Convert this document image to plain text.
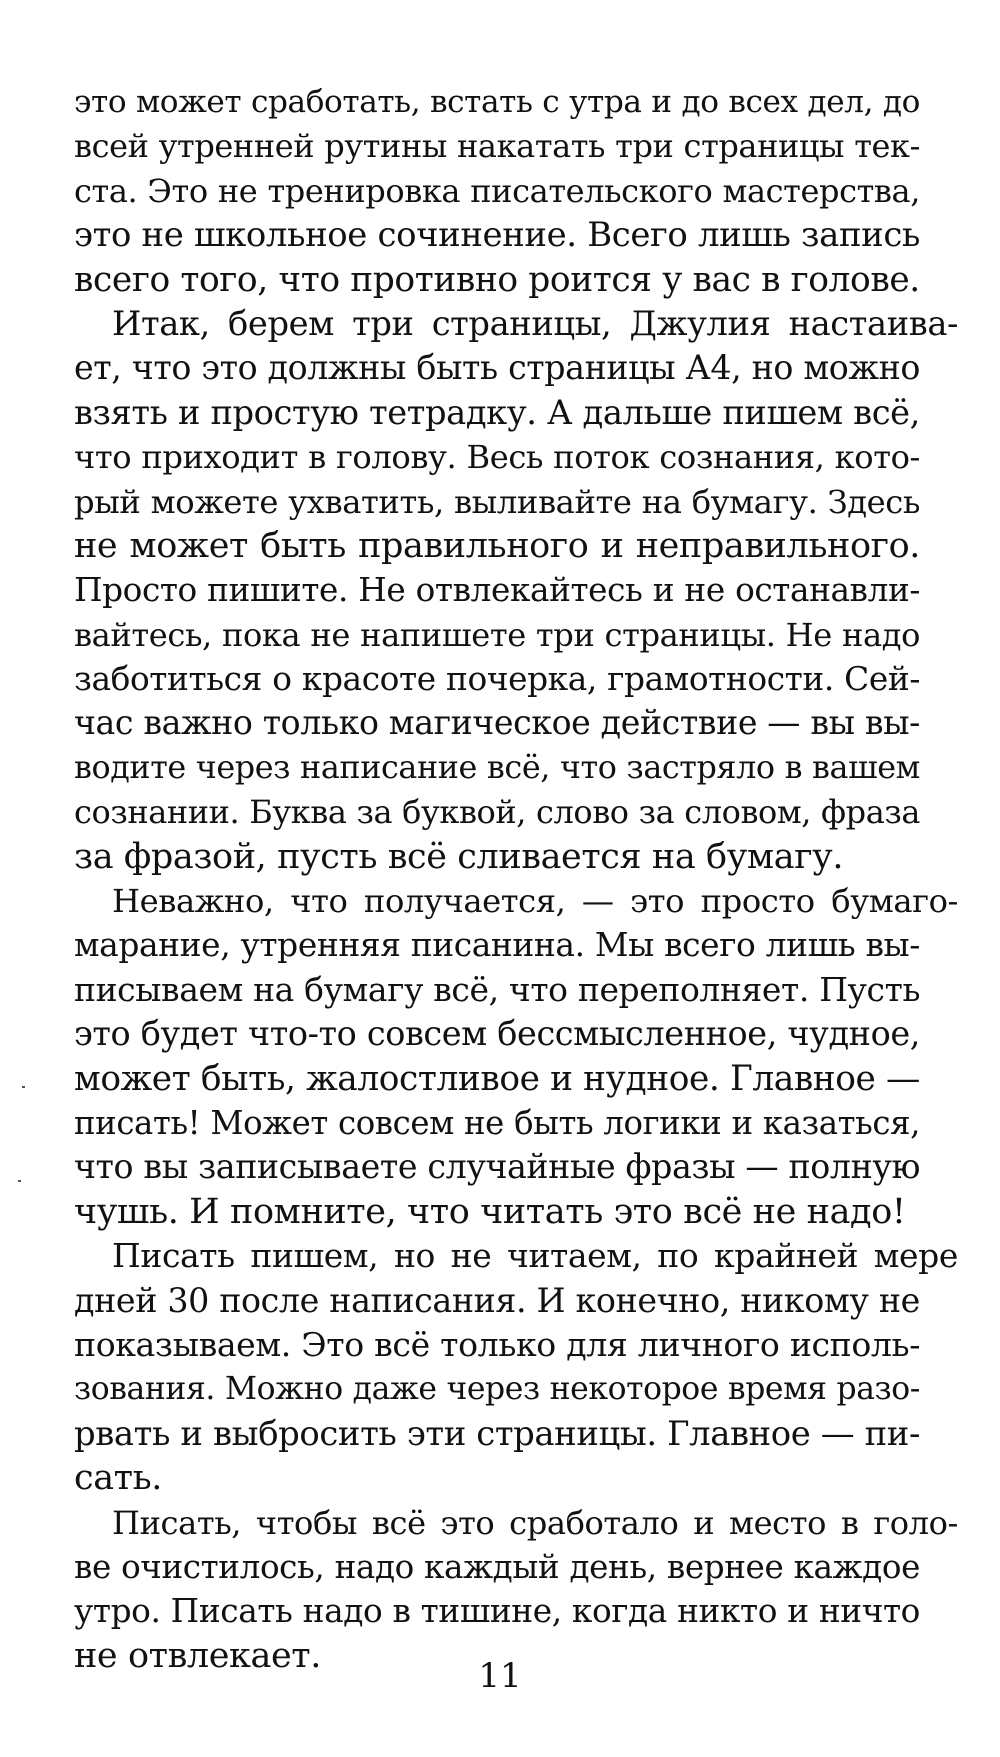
это может сработать, встать с утра и до всех дел, до
всей утренней рутины накатать три страницы тек-
ста. Это не тренировка писательского мастерства,
это не школьное сочинение. Всего лишь запись
всего того, что противно роится у вас в голове.
Итак, берем три страницы, Джулия настаива-
ет, что это должны быть страницы А4, но можно
взять и простую тетрадку. А дальше пишем всё,
что приходит в голову. Весь поток сознания, кото-
рый можете ухватить, выливайте на бумагу. Здесь
не может быть правильного и неправильного.
Просто пишите. Не отвлекайтесь и не останавли-
вайтесь, пока не напишете три страницы. Не надо
заботиться о красоте почерка, грамотности. Сей-
час важно только магическое действие — вы вы-
водите через написание всё, что застряло в вашем
сознании. Буква за буквой, слово за словом, фраза
за фразой, пусть всё сливается на бумагу.
Неважно, что получается, — это просто бумаго-
марание, утренняя писанина. Мы всего лишь вы-
писываем на бумагу всё, что переполняет. Пусть
это будет что-то совсем бессмысленное, чудное,
может быть, жалостливое и нудное. Главное —
писать! Может совсем не быть логики и казаться,
что вы записываете случайные фразы — полную
чушь. И помните, что читать это всё не надо!
Писать пишем, но не читаем, по крайней мере
дней 30 после написания. И конечно, никому не
показываем. Это всё только для личного исполь-
зования. Можно даже через некоторое время разо-
рвать и выбросить эти страницы. Главное — пи-
сать.
Писать, чтобы всё это сработало и место в голо-
ве очистилось, надо каждый день, вернее каждое
утро. Писать надо в тишине, когда никто и ничто
не отвлекает.
11
